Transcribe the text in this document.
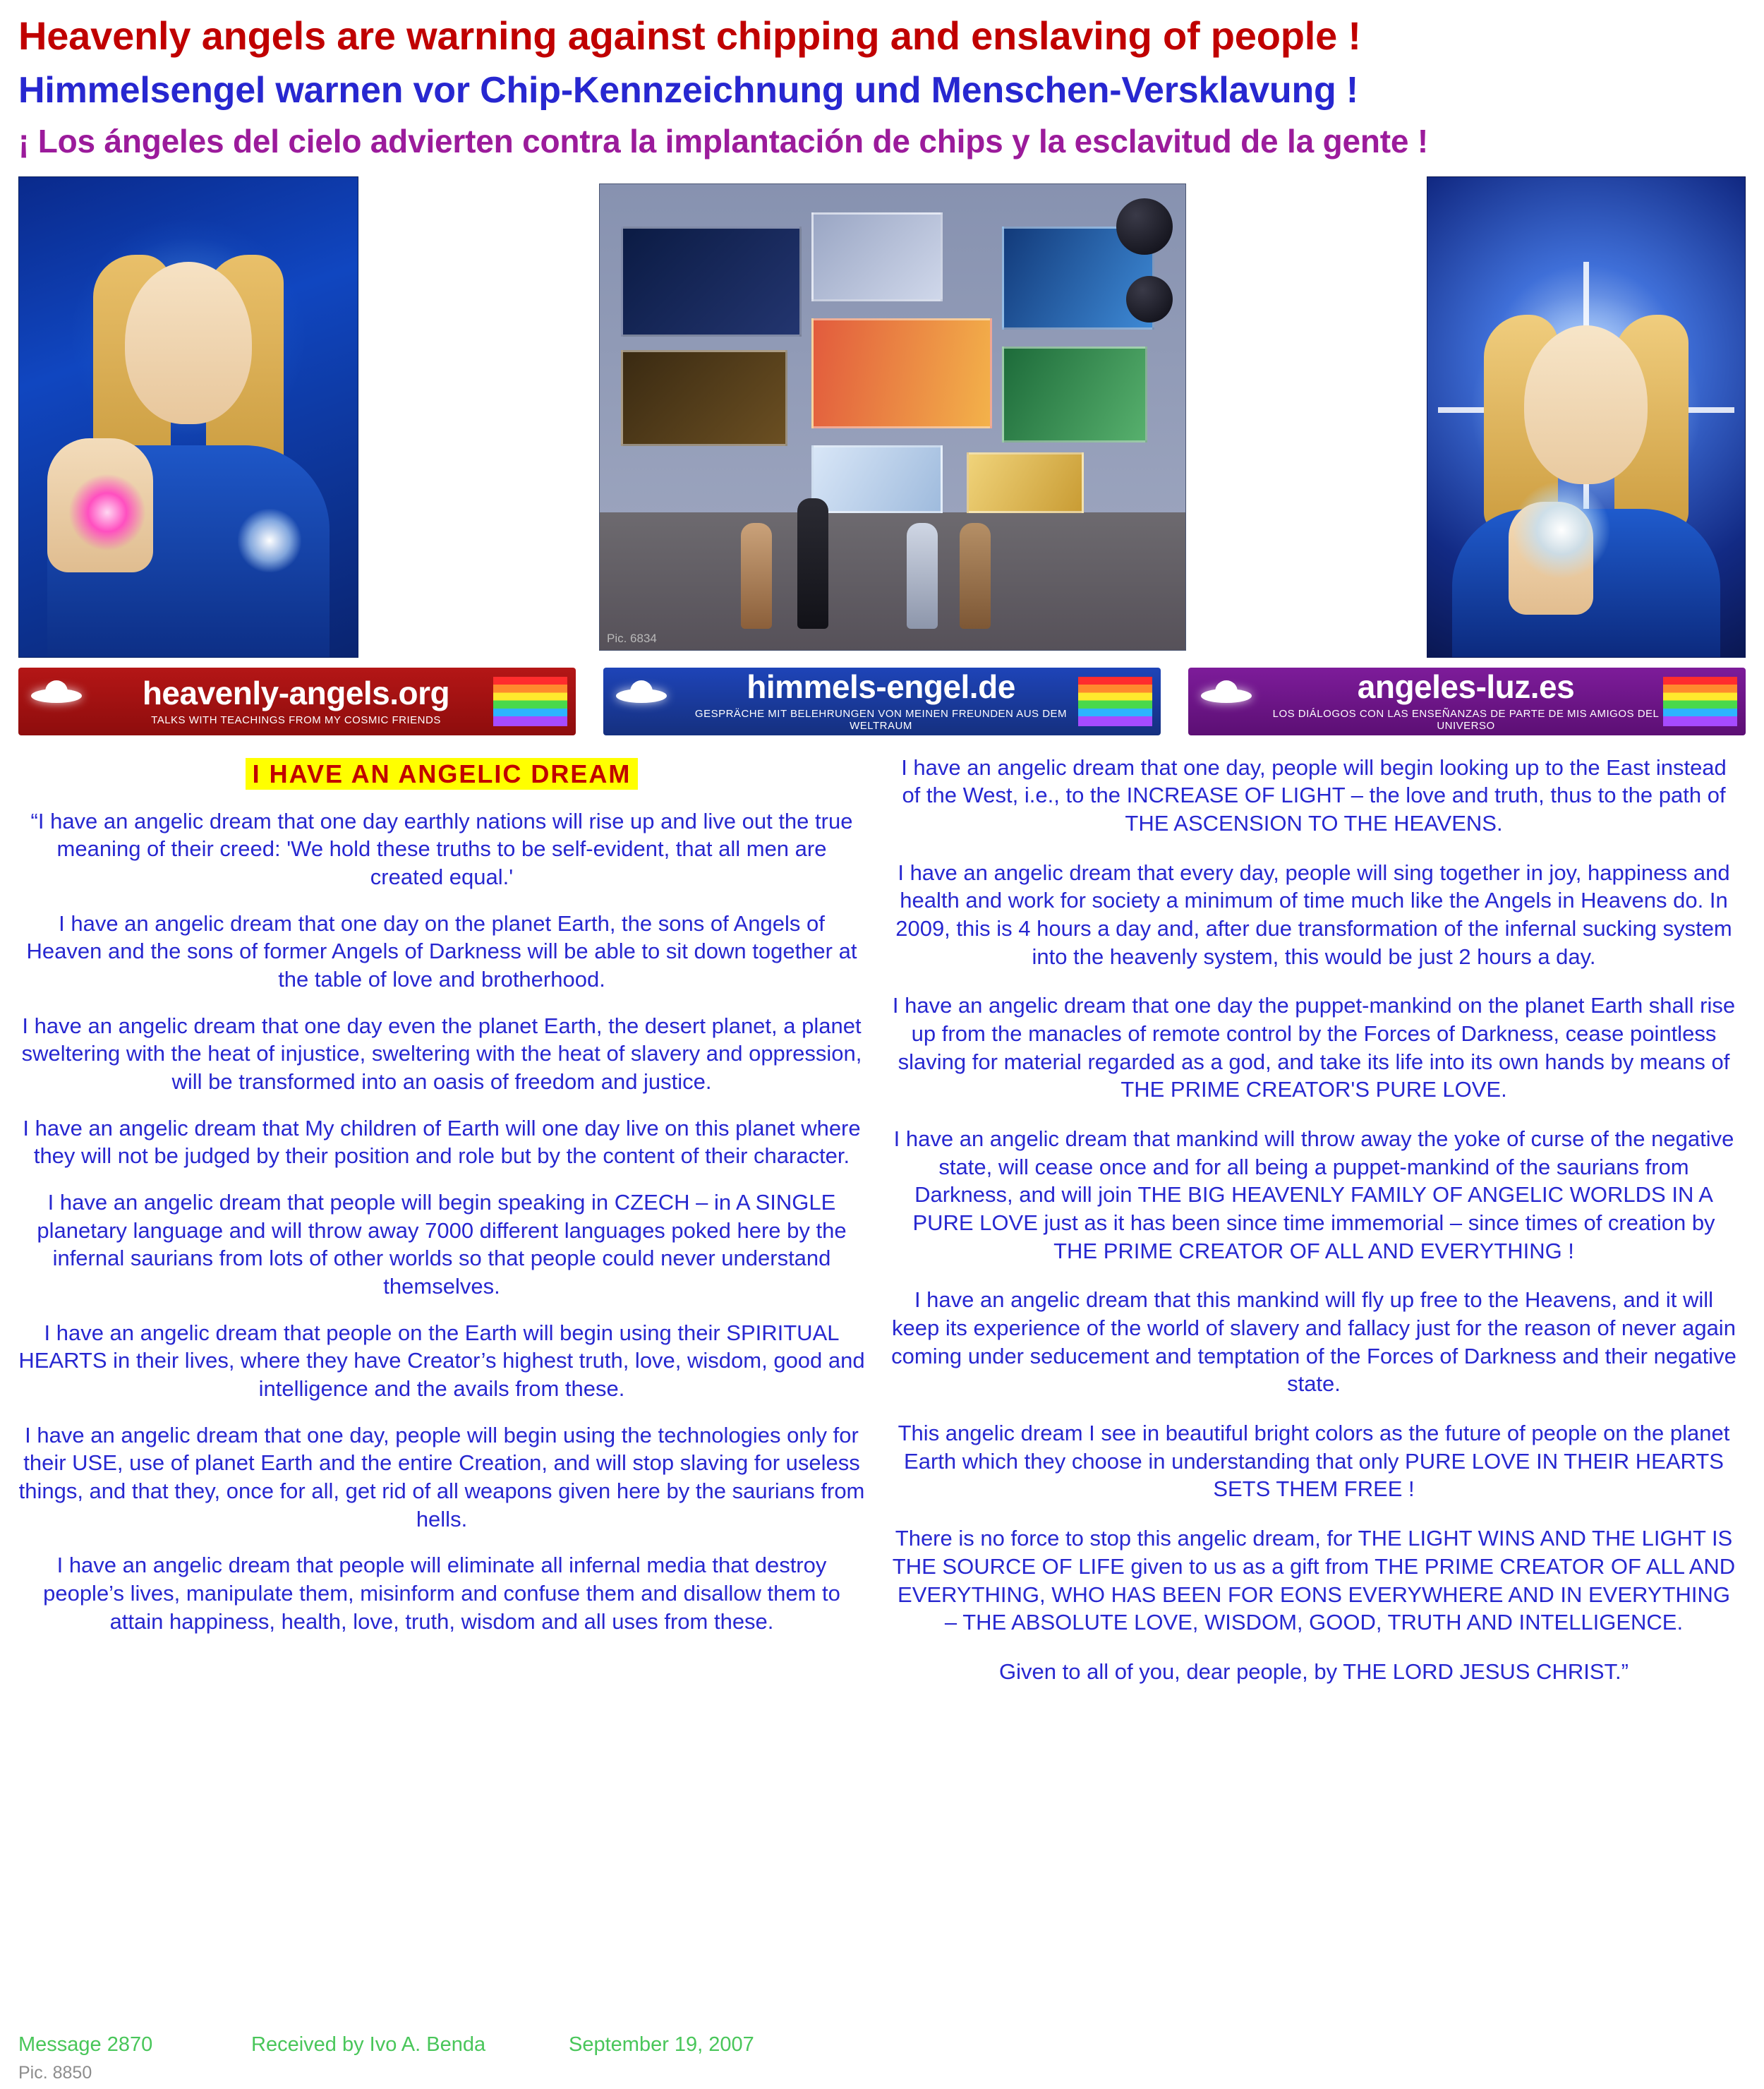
Heavenly angels are warning against chipping and enslaving of people !
Himmelsengel warnen vor Chip-Kennzeichnung und Menschen-Versklavung !
¡ Los ángeles del cielo advierten contra la implantación de chips y la esclavitud de la gente !
Pic. 6834
heavenly-angels.org
TALKS WITH TEACHINGS FROM MY COSMIC FRIENDS
himmels-engel.de
GESPRÄCHE MIT BELEHRUNGEN VON MEINEN FREUNDEN AUS DEM WELTRAUM
angeles-luz.es
LOS DIÁLOGOS CON LAS ENSEÑANZAS DE PARTE DE MIS AMIGOS DEL UNIVERSO
I HAVE AN ANGELIC DREAM

“I have an angelic dream that one day earthly nations will rise up and live out the true meaning of their creed: 'We hold these truths to be self-evident, that all men are created equal.'

I have an angelic dream that one day on the planet Earth, the sons of Angels of Heaven and the sons of former Angels of Darkness will be able to sit down together at the table of love and brotherhood.

I have an angelic dream that one day even the planet Earth, the desert planet, a planet sweltering with the heat of injustice, sweltering with the heat of slavery and oppression, will be transformed into an oasis of freedom and justice.

I have an angelic dream that My children of Earth will one day live on this planet where they will not be judged by their position and role but by the content of their character.

I have an angelic dream that people will begin speaking in CZECH – in A SINGLE planetary language and will throw away 7000 different languages poked here by the infernal saurians from lots of other worlds so that people could never understand themselves.

I have an angelic dream that people on the Earth will begin using their SPIRITUAL HEARTS in their lives, where they have Creator’s highest truth, love, wisdom, good and intelligence and the avails from these.

I have an angelic dream that one day, people will begin using the technologies only for their USE, use of planet Earth and the entire Creation, and will stop slaving for useless things, and that they, once for all, get rid of all weapons given here by the saurians from hells.

I have an angelic dream that people will eliminate all infernal media that destroy people’s lives, manipulate them, misinform and confuse them and disallow them to attain happiness, health, love, truth, wisdom and all uses from these.

I have an angelic dream that one day, people will begin looking up to the East instead of the West, i.e., to the INCREASE OF LIGHT – the love and truth, thus to the path of THE ASCENSION TO THE HEAVENS.

I have an angelic dream that every day, people will sing together in joy, happiness and health and work for society a minimum of time much like the Angels in Heavens do. In 2009, this is 4 hours a day and, after due transformation of the infernal sucking system into the heavenly system, this would be just 2 hours a day.

I have an angelic dream that one day the puppet-mankind on the planet Earth shall rise up from the manacles of remote control by the Forces of Darkness, cease pointless slaving for material regarded as a god, and take its life into its own hands by means of THE PRIME CREATOR'S PURE LOVE.

I have an angelic dream that mankind will throw away the yoke of curse of the negative state, will cease once and for all being a puppet-mankind of the saurians from Darkness, and will join THE BIG HEAVENLY FAMILY OF ANGELIC WORLDS IN A PURE LOVE just as it has been since time immemorial – since times of creation by THE PRIME CREATOR OF ALL AND EVERYTHING !

I have an angelic dream that this mankind will fly up free to the Heavens, and it will keep its experience of the world of slavery and fallacy just for the reason of never again coming under seducement and temptation of the Forces of Darkness and their negative state.

This angelic dream I see in beautiful bright colors as the future of people on the planet Earth which they choose in understanding that only PURE LOVE IN THEIR HEARTS SETS THEM FREE !

There is no force to stop this angelic dream, for THE LIGHT WINS AND THE LIGHT IS THE SOURCE OF LIFE given to us as a gift from THE PRIME CREATOR OF ALL AND EVERYTHING, WHO HAS BEEN FOR EONS EVERYWHERE AND IN EVERYTHING – THE ABSOLUTE LOVE, WISDOM, GOOD, TRUTH AND INTELLIGENCE.

Given to all of you, dear people, by THE LORD JESUS CHRIST.”

Message 2870	Received by Ivo A. Benda	September 19, 2007
Pic. 8850
